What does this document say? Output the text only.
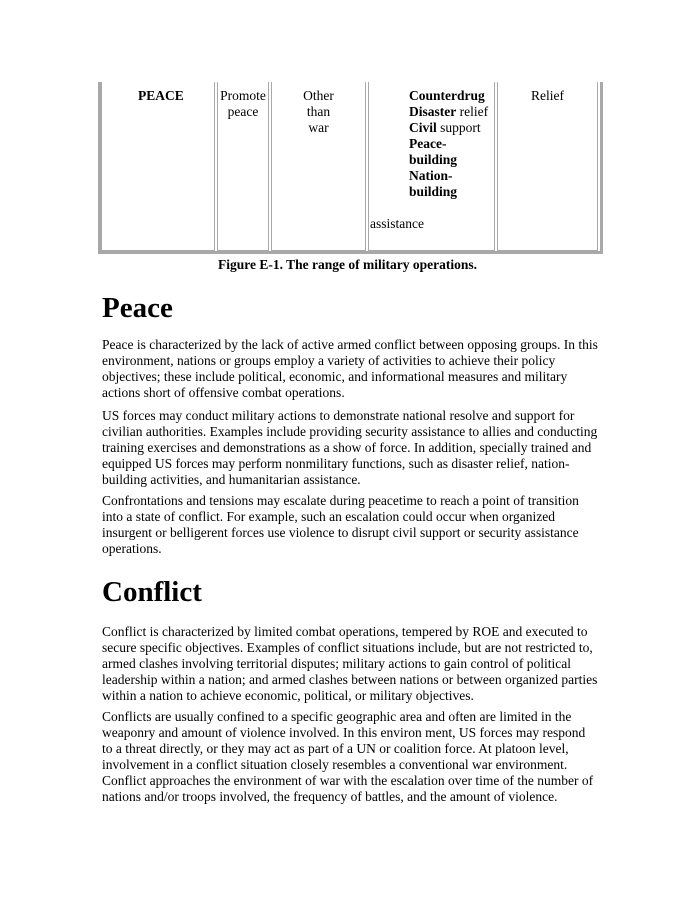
PEACE	Promote
peace
Other
than
war
Counterdrug
Disaster relief
Civil support
Peace-
building
Nation-
building
assistance
Relief
Figure E-1. The range of military operations.
Peace

Peace is characterized by the lack of active armed conflict between opposing groups. In this environment, nations or groups employ a variety of activities to achieve their policy objectives; these include political, economic, and informational measures and military actions short of offensive combat operations.

US forces may conduct military actions to demonstrate national resolve and support for civilian authorities. Examples include providing security assistance to allies and conducting training exercises and demonstrations as a show of force. In addition, specially trained and equipped US forces may perform nonmilitary functions, such as disaster relief, nation-building activities, and humanitarian assistance.

Confrontations and tensions may escalate during peacetime to reach a point of transition into a state of conflict. For example, such an escalation could occur when organized insurgent or belligerent forces use violence to disrupt civil support or security assistance operations.

Conflict

Conflict is characterized by limited combat operations, tempered by ROE and executed to secure specific objectives. Examples of conflict situations include, but are not restricted to, armed clashes involving territorial disputes; military actions to gain control of political leadership within a nation; and armed clashes between nations or between organized parties within a nation to achieve economic, political, or military objectives.

Conflicts are usually confined to a specific geographic area and often are limited in the weaponry and amount of violence involved. In this environ ment, US forces may respond to a threat directly, or they may act as part of a UN or coalition force. At platoon level, involvement in a conflict situation closely resembles a conventional war environment. Conflict approaches the environment of war with the escalation over time of the number of nations and/or troops involved, the frequency of battles, and the amount of violence.
